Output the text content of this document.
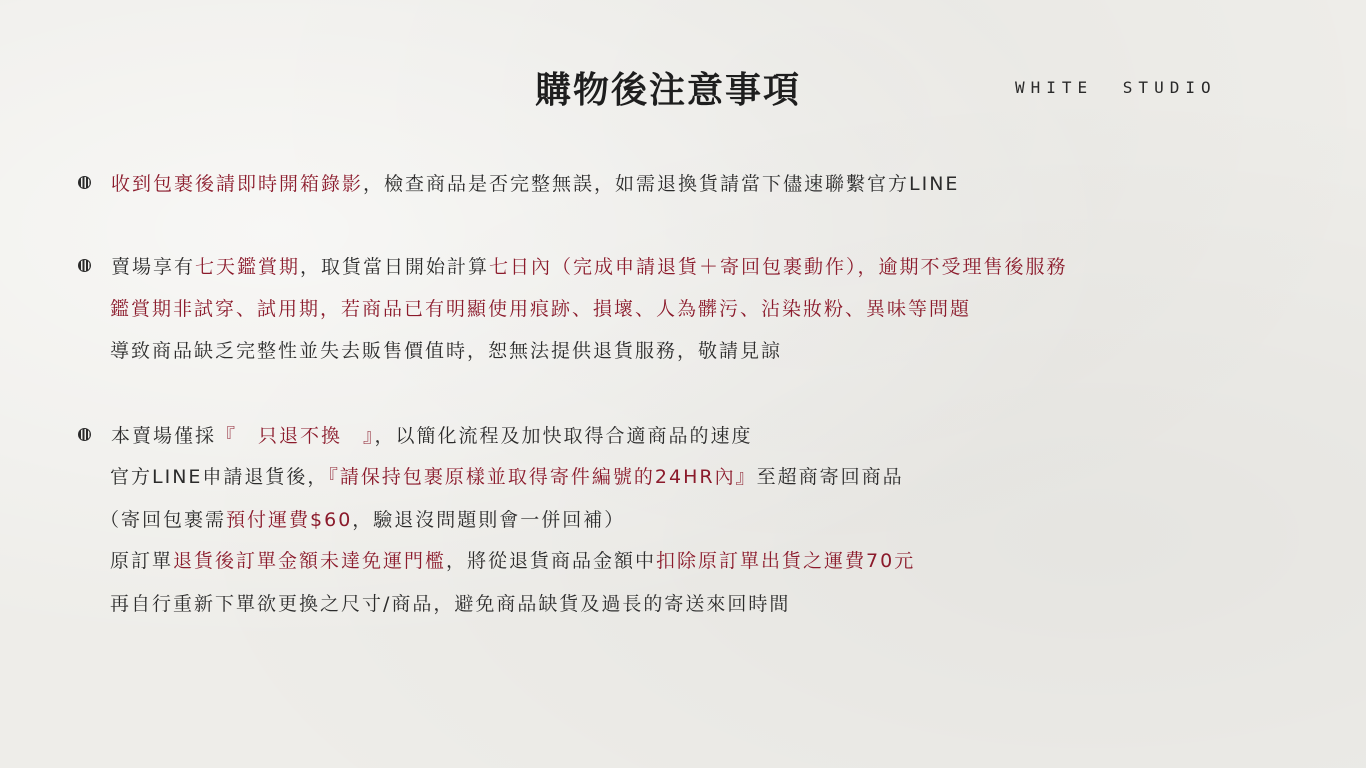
購物後注意事項	WHITE STUDIO
收到包裹後請即時開箱錄影，檢查商品是否完整無誤，如需退換貨請當下儘速聯繫官方LINE
賣場享有七天鑑賞期，取貨當日開始計算七日內（完成申請退貨＋寄回包裹動作），逾期不受理售後服務
鑑賞期非試穿、試用期，若商品已有明顯使用痕跡、損壞、人為髒污、沾染妝粉、異味等問題
導致商品缺乏完整性並失去販售價值時，恕無法提供退貨服務，敬請見諒
本賣場僅採『　只退不換　』，以簡化流程及加快取得合適商品的速度
官方LINE申請退貨後，『請保持包裹原樣並取得寄件編號的24HR內』至超商寄回商品
（寄回包裹需預付運費$60，驗退沒問題則會一併回補）
原訂單退貨後訂單金額未達免運門檻，將從退貨商品金額中扣除原訂單出貨之運費70元
再自行重新下單欲更換之尺寸/商品，避免商品缺貨及過長的寄送來回時間
